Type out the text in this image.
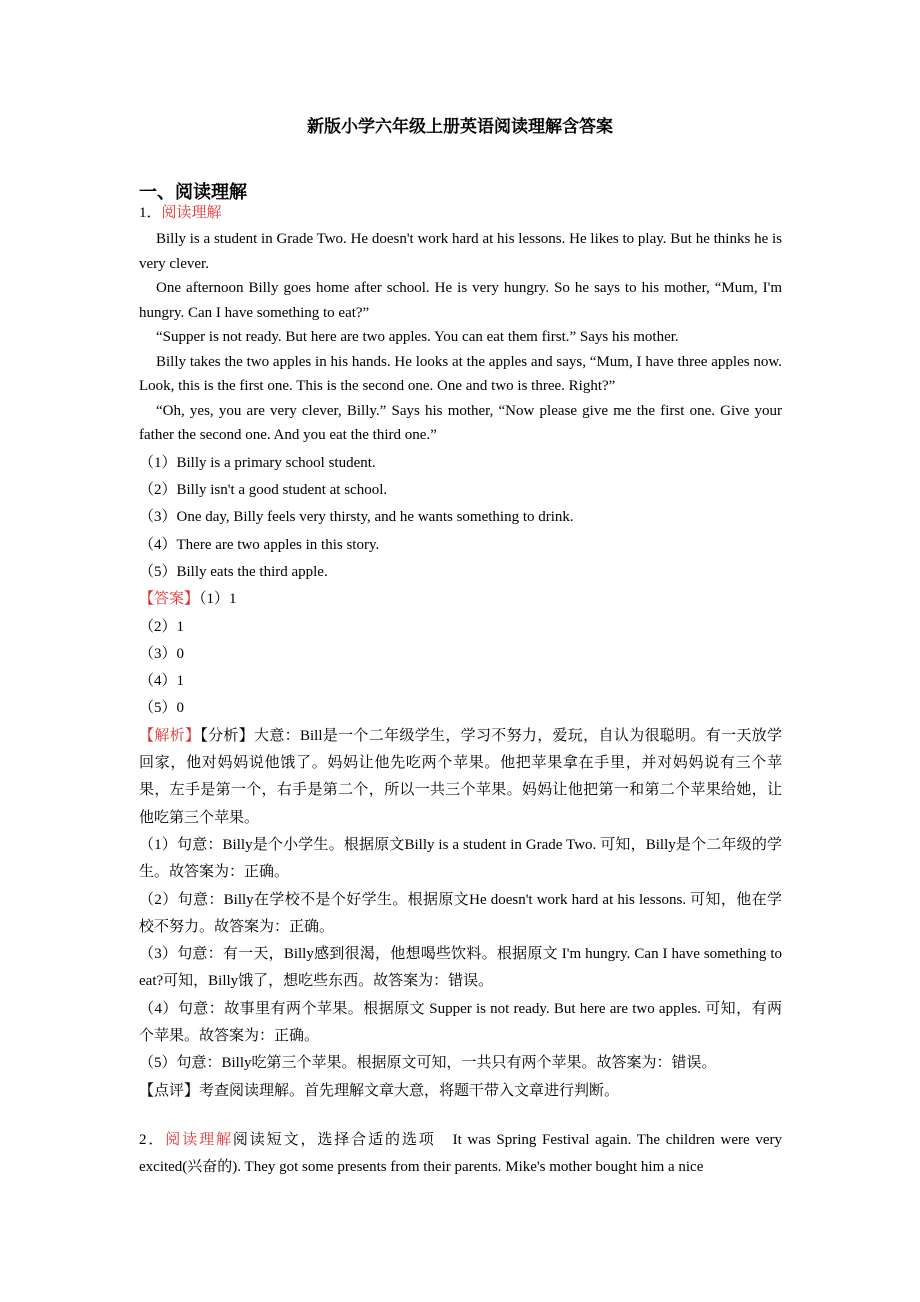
新版小学六年级上册英语阅读理解含答案
一、阅读理解
1．阅读理解

Billy is a student in Grade Two. He doesn't work hard at his lessons. He likes to play. But he thinks he is very clever.

One afternoon Billy goes home after school. He is very hungry. So he says to his mother, “Mum, I'm hungry. Can I have something to eat?”

“Supper is not ready. But here are two apples. You can eat them first.” Says his mother.

Billy takes the two apples in his hands. He looks at the apples and says, “Mum, I have three apples now. Look, this is the first one. This is the second one. One and two is three. Right?”

“Oh, yes, you are very clever, Billy.” Says his mother, “Now please give me the first one. Give your father the second one. And you eat the third one.”

（1）Billy is a primary school student.

（2）Billy isn't a good student at school.

（3）One day, Billy feels very thirsty, and he wants something to drink.

（4）There are two apples in this story.

（5）Billy eats the third apple.

【答案】（1）1

（2）1

（3）0

（4）1

（5）0

【解析】【分析】大意：Bill是一个二年级学生，学习不努力，爱玩，自认为很聪明。有一天放学回家，他对妈妈说他饿了。妈妈让他先吃两个苹果。他把苹果拿在手里，并对妈妈说有三个苹果，左手是第一个，右手是第二个，所以一共三个苹果。妈妈让他把第一和第二个苹果给她，让他吃第三个苹果。

（1）句意：Billy是个小学生。根据原文Billy is a student in Grade Two. 可知，Billy是个二年级的学生。故答案为：正确。

（2）句意：Billy在学校不是个好学生。根据原文He doesn't work hard at his lessons. 可知，他在学校不努力。故答案为：正确。

（3）句意：有一天，Billy感到很渴，他想喝些饮料。根据原文 I'm hungry. Can I have something to eat?可知，Billy饿了，想吃些东西。故答案为：错误。

（4）句意：故事里有两个苹果。根据原文 Supper is not ready. But here are two apples. 可知，有两个苹果。故答案为：正确。

（5）句意：Billy吃第三个苹果。根据原文可知，一共只有两个苹果。故答案为：错误。

【点评】考查阅读理解。首先理解文章大意，将题干带入文章进行判断。

2．阅读理解阅读短文，选择合适的选项　It was Spring Festival again. The children were very excited(兴奋的). They got some presents from their parents. Mike's mother bought him a nice
